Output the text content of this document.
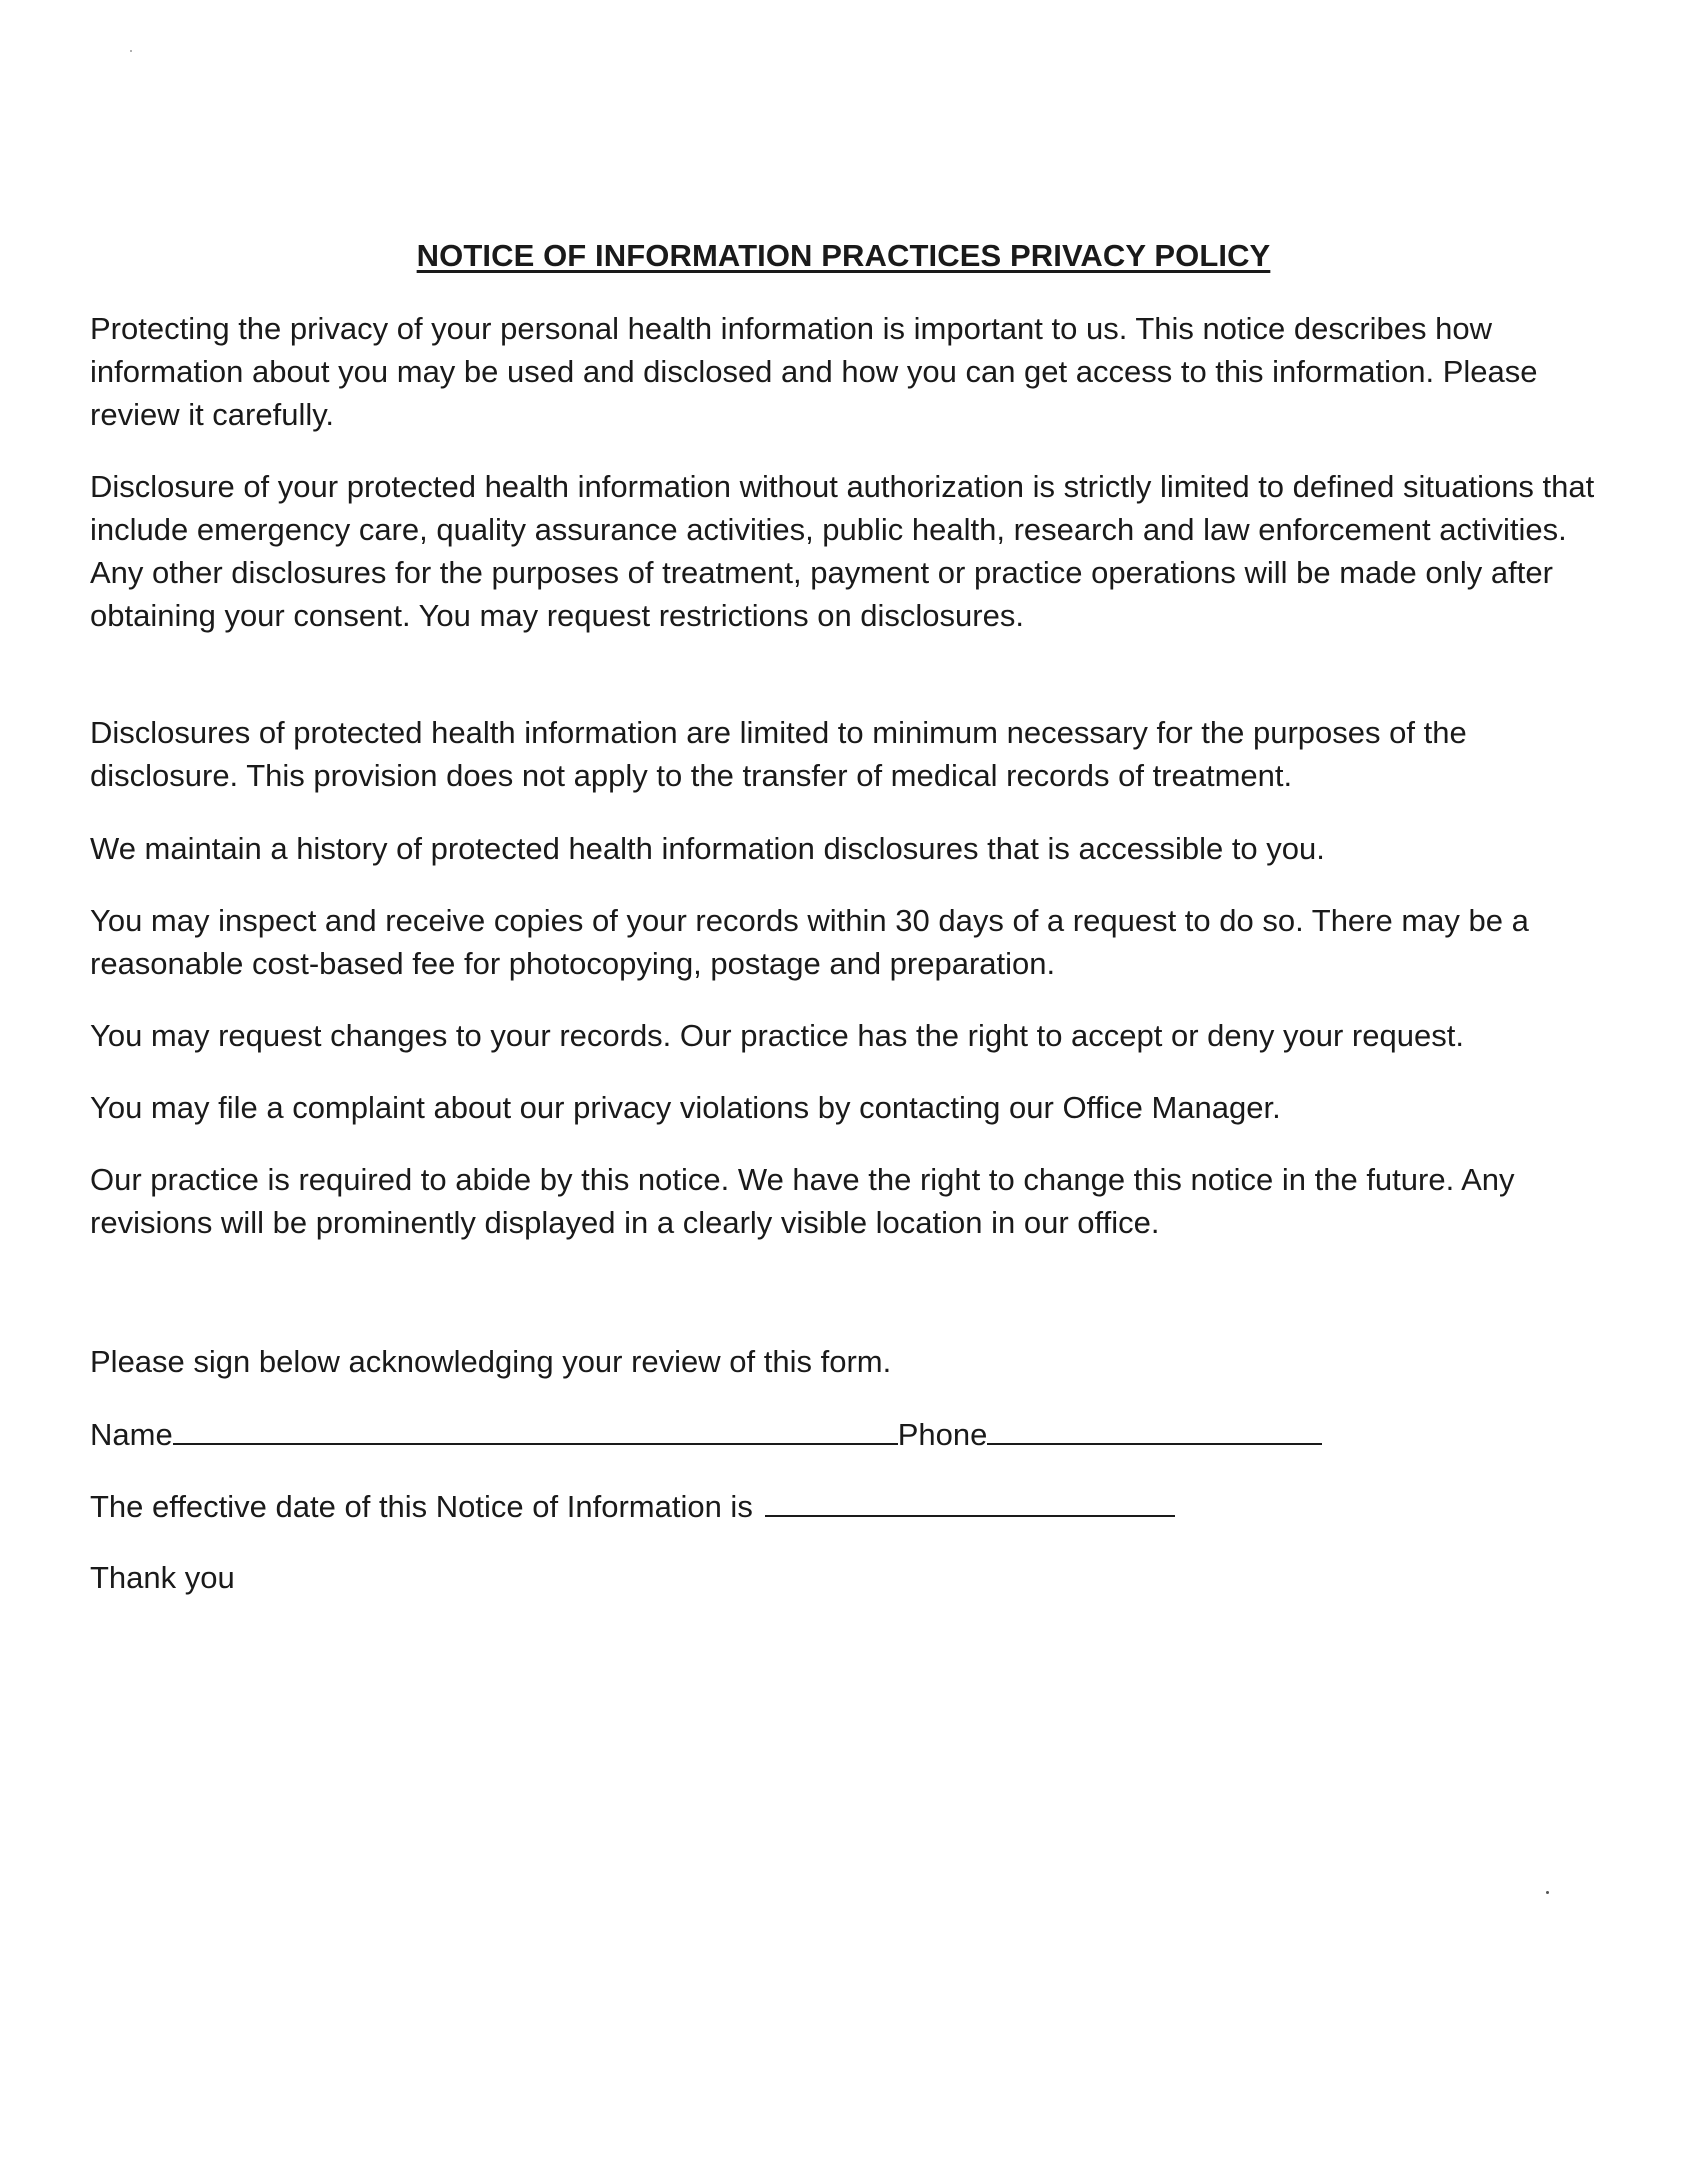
NOTICE OF INFORMATION PRACTICES PRIVACY POLICY

Protecting the privacy of your personal health information is important to us. This notice describes how information about you may be used and disclosed and how you can get access to this information. Please review it carefully.

Disclosure of your protected health information without authorization is strictly limited to defined situations that include emergency care, quality assurance activities, public health, research and law enforcement activities. Any other disclosures for the purposes of treatment, payment or practice operations will be made only after obtaining your consent. You may request restrictions on disclosures.

Disclosures of protected health information are limited to minimum necessary for the purposes of the disclosure. This provision does not apply to the transfer of medical records of treatment.

We maintain a history of protected health information disclosures that is accessible to you.

You may inspect and receive copies of your records within 30 days of a request to do so. There may be a reasonable cost-based fee for photocopying, postage and preparation.

You may request changes to your records. Our practice has the right to accept or deny your request.

You may file a complaint about our privacy violations by contacting our Office Manager.

Our practice is required to abide by this notice. We have the right to change this notice in the future. Any revisions will be prominently displayed in a clearly visible location in our office.

Please sign below acknowledging your review of this form.

Name	Phone
The effective date of this Notice of Information is
Thank you
